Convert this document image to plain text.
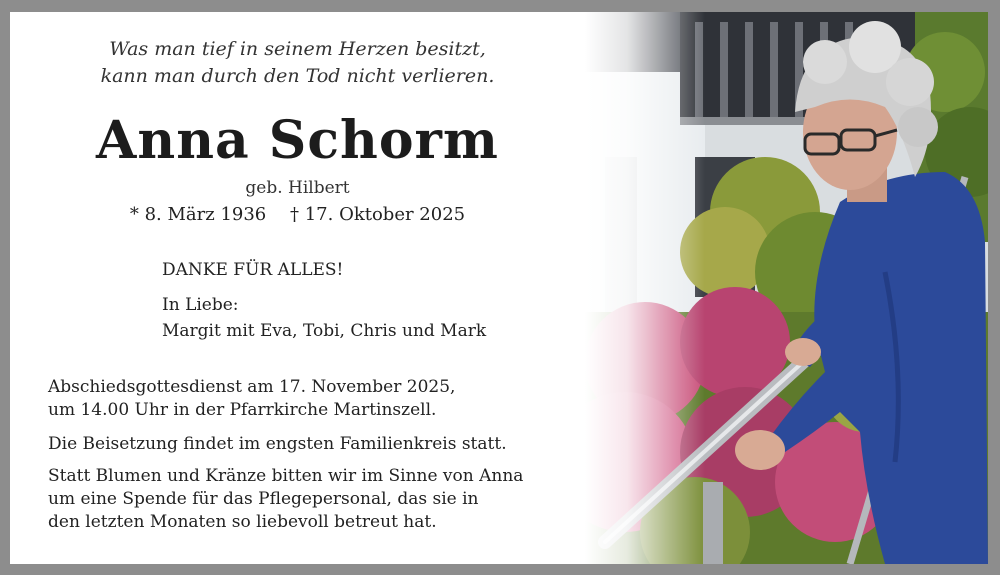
Was man tief in seinem Herzen besitzt,
kann man durch den Tod nicht verlieren.
Anna Schorm
geb. Hilbert
* 8. März 1936 † 17. Oktober 2025
DANKE FÜR ALLES!
In Liebe:
Margit mit Eva, Tobi, Chris und Mark
Abschiedsgottesdienst am 17. November 2025,
um 14.00 Uhr in der Pfarrkirche Martinszell.
Die Beisetzung findet im engsten Familienkreis statt.
Statt Blumen und Kränze bitten wir im Sinne von Anna
um eine Spende für das Pflegepersonal, das sie in
den letzten Monaten so liebevoll betreut hat.
